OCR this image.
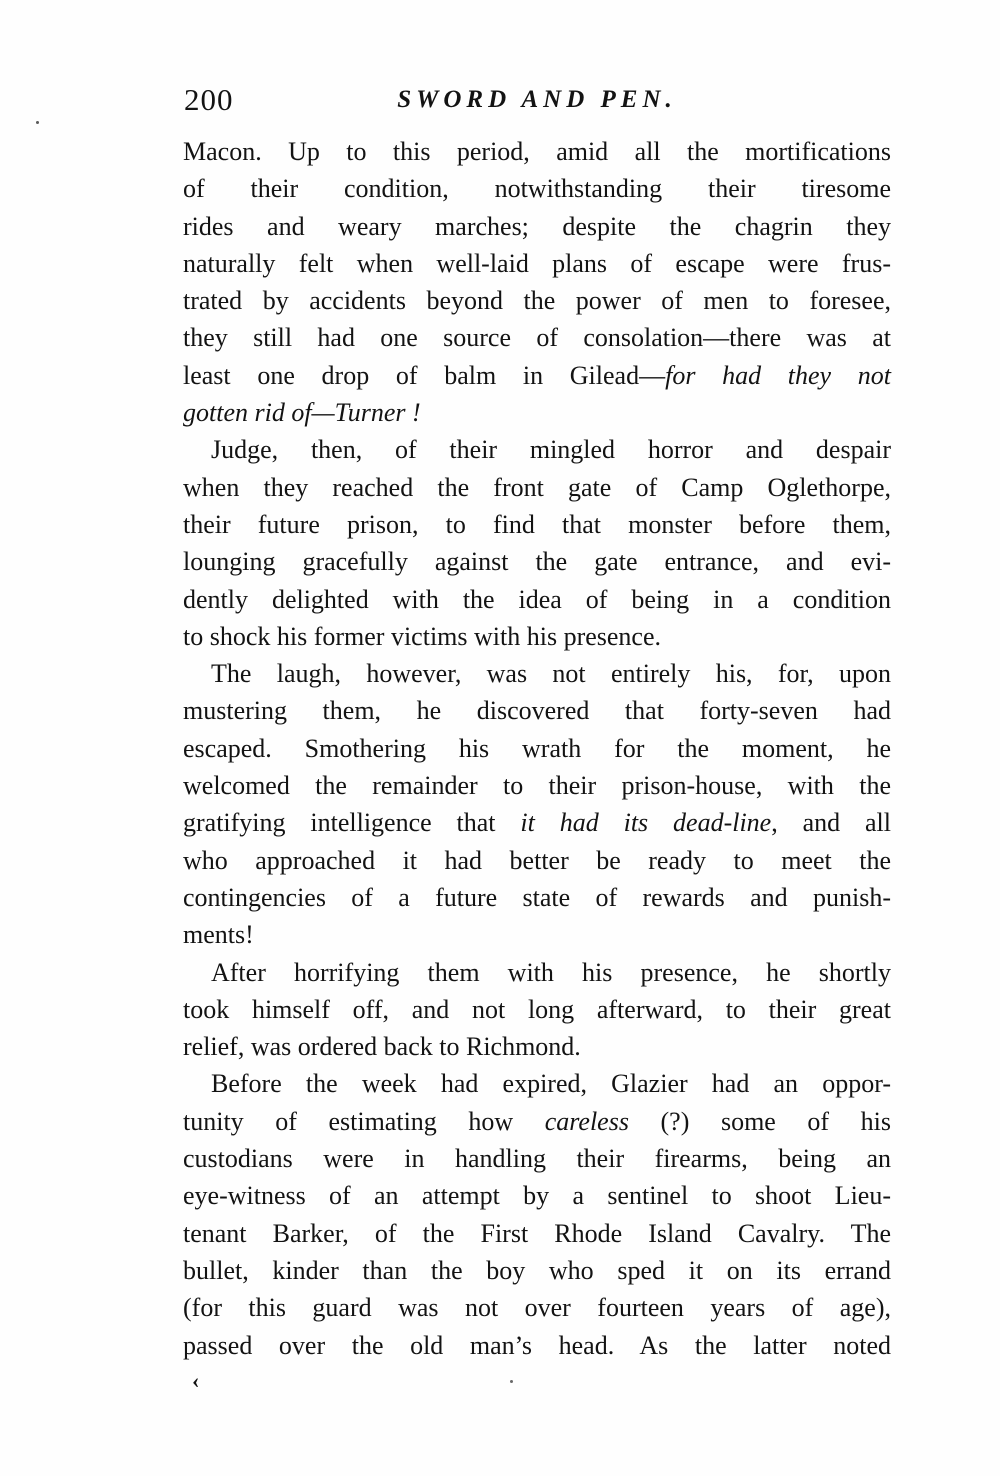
200	SWORD AND PEN.
Macon. Up to this period, amid all the mortifications
of their condition, notwithstanding their tiresome
rides and weary marches; despite the chagrin they
naturally felt when well-laid plans of escape were frus-
trated by accidents beyond the power of men to foresee,
they still had one source of consolation—there was at
least one drop of balm in Gilead—for had they not
gotten rid of—Turner !
Judge, then, of their mingled horror and despair
when they reached the front gate of Camp Oglethorpe,
their future prison, to find that monster before them,
lounging gracefully against the gate entrance, and evi-
dently delighted with the idea of being in a condition
to shock his former victims with his presence.
The laugh, however, was not entirely his, for, upon
mustering them, he discovered that forty-seven had
escaped. Smothering his wrath for the moment, he
welcomed the remainder to their prison-house, with the
gratifying intelligence that it had its dead-line, and all
who approached it had better be ready to meet the
contingencies of a future state of rewards and punish-
ments!
After horrifying them with his presence, he shortly
took himself off, and not long afterward, to their great
relief, was ordered back to Richmond.
Before the week had expired, Glazier had an oppor-
tunity of estimating how careless (?) some of his
custodians were in handling their firearms, being an
eye-witness of an attempt by a sentinel to shoot Lieu-
tenant Barker, of the First Rhode Island Cavalry. The
bullet, kinder than the boy who sped it on its errand
(for this guard was not over fourteen years of age),
passed over the old man’s head. As the latter noted
‹
